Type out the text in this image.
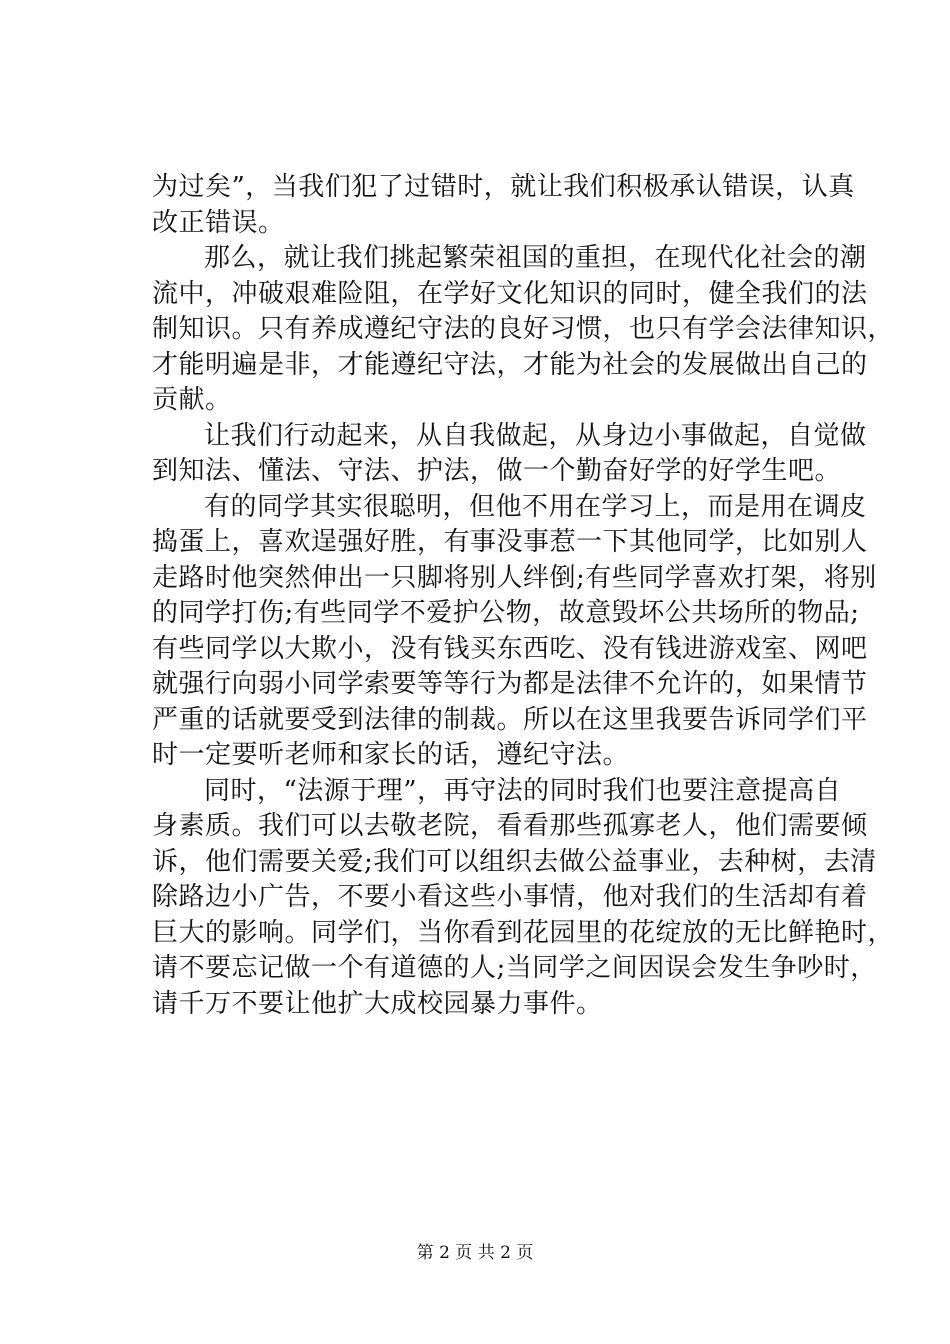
为过矣”，当我们犯了过错时，就让我们积极承认错误，认真
改正错误。
那么，就让我们挑起繁荣祖国的重担，在现代化社会的潮
流中，冲破艰难险阻，在学好文化知识的同时，健全我们的法
制知识。只有养成遵纪守法的良好习惯，也只有学会法律知识，
才能明遍是非，才能遵纪守法，才能为社会的发展做出自己的
贡献。
让我们行动起来，从自我做起，从身边小事做起，自觉做
到知法、懂法、守法、护法，做一个勤奋好学的好学生吧。
有的同学其实很聪明，但他不用在学习上，而是用在调皮
捣蛋上，喜欢逞强好胜，有事没事惹一下其他同学，比如别人
走路时他突然伸出一只脚将别人绊倒;有些同学喜欢打架，将别
的同学打伤;有些同学不爱护公物，故意毁坏公共场所的物品;
有些同学以大欺小，没有钱买东西吃、没有钱进游戏室、网吧
就强行向弱小同学索要等等行为都是法律不允许的，如果情节
严重的话就要受到法律的制裁。所以在这里我要告诉同学们平
时一定要听老师和家长的话，遵纪守法。
同时，“法源于理”，再守法的同时我们也要注意提高自
身素质。我们可以去敬老院，看看那些孤寡老人，他们需要倾
诉，他们需要关爱;我们可以组织去做公益事业，去种树，去清
除路边小广告，不要小看这些小事情，他对我们的生活却有着
巨大的影响。同学们，当你看到花园里的花绽放的无比鲜艳时，
请不要忘记做一个有道德的人;当同学之间因误会发生争吵时，
请千万不要让他扩大成校园暴力事件。
第 2 页 共 2 页
